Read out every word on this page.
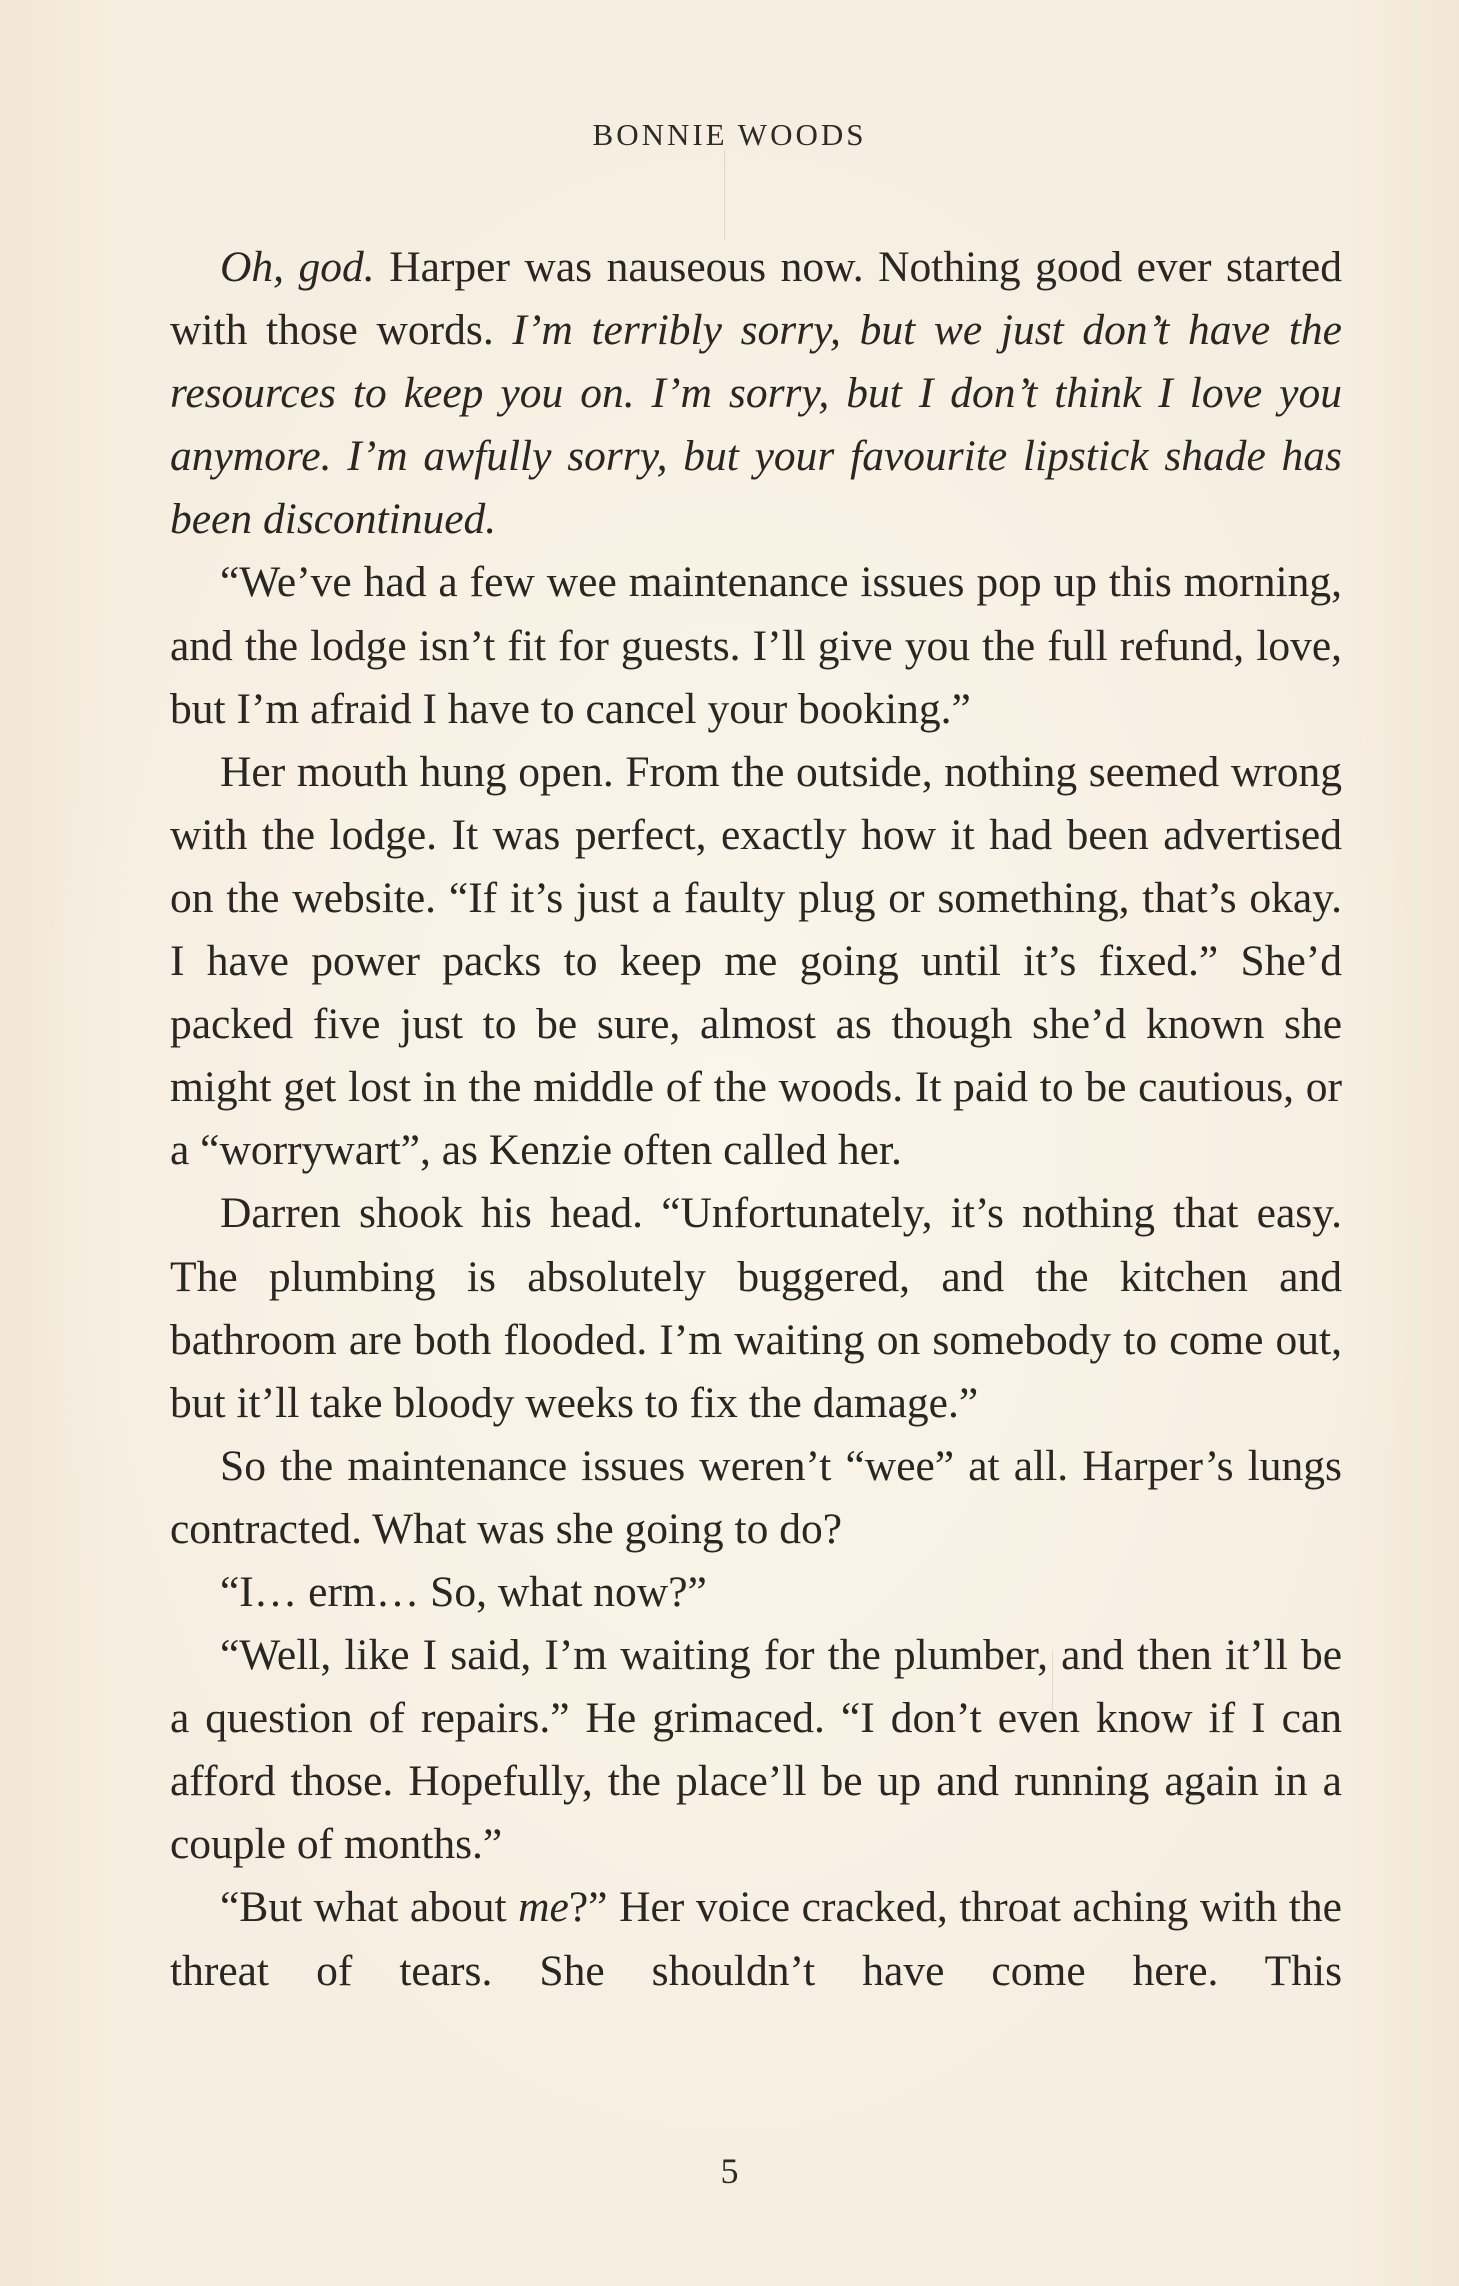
BONNIE WOODS

Oh, god. Harper was nauseous now. Nothing good ever started with those words. I’m terribly sorry, but we just don’t have the resources to keep you on. I’m sorry, but I don’t think I love you anymore. I’m awfully sorry, but your favourite lipstick shade has been discontinued.

“We’ve had a few wee maintenance issues pop up this morning, and the lodge isn’t fit for guests. I’ll give you the full refund, love, but I’m afraid I have to cancel your booking.”

Her mouth hung open. From the outside, nothing seemed wrong with the lodge. It was perfect, exactly how it had been advertised on the website. “If it’s just a faulty plug or something, that’s okay. I have power packs to keep me going until it’s fixed.” She’d packed five just to be sure, almost as though she’d known she might get lost in the middle of the woods. It paid to be cautious, or a “worrywart”, as Kenzie often called her.

Darren shook his head. “Unfortunately, it’s nothing that easy. The plumbing is absolutely buggered, and the kitchen and bathroom are both flooded. I’m waiting on somebody to come out, but it’ll take bloody weeks to fix the damage.”

So the maintenance issues weren’t “wee” at all. Harper’s lungs contracted. What was she going to do?

“I… erm… So, what now?”

“Well, like I said, I’m waiting for the plumber, and then it’ll be a question of repairs.” He grimaced. “I don’t even know if I can afford those. Hopefully, the place’ll be up and running again in a couple of months.”

“But what about me?” Her voice cracked, throat aching with the threat of tears. She shouldn’t have come here. This

5
